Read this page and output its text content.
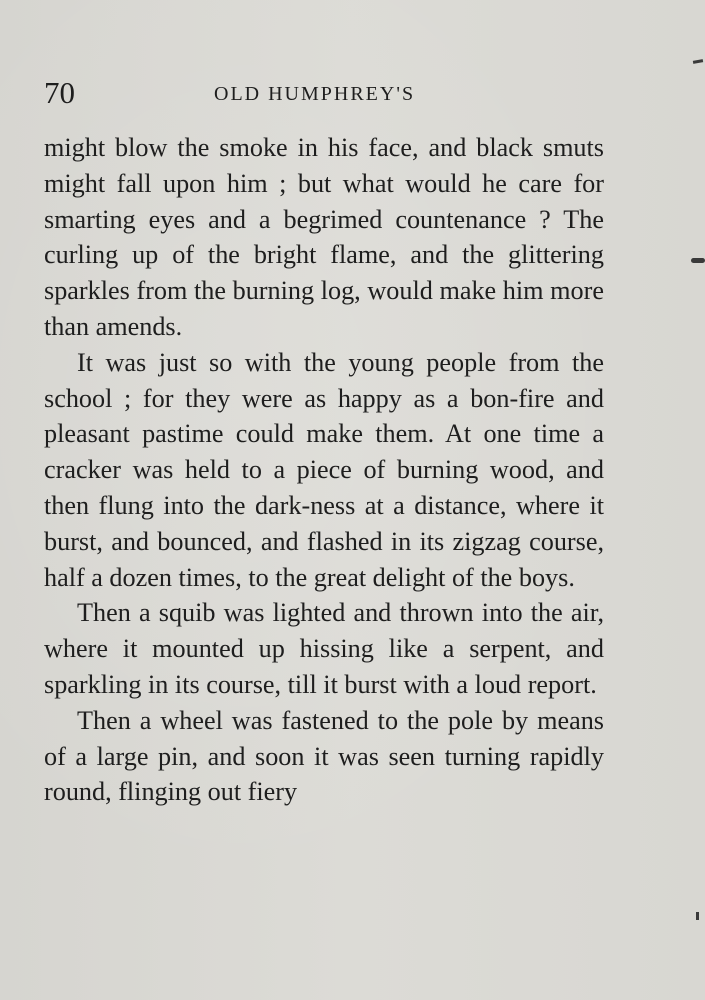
70	OLD HUMPHREY'S

might blow the smoke in his face, and black smuts might fall upon him ; but what would he care for smarting eyes and a begrimed countenance ? The curling up of the bright flame, and the glittering sparkles from the burning log, would make him more than amends.

It was just so with the young people from the school ; for they were as happy as a bon-fire and pleasant pastime could make them. At one time a cracker was held to a piece of burning wood, and then flung into the dark-ness at a distance, where it burst, and bounced, and flashed in its zigzag course, half a dozen times, to the great delight of the boys.

Then a squib was lighted and thrown into the air, where it mounted up hissing like a serpent, and sparkling in its course, till it burst with a loud report.

Then a wheel was fastened to the pole by means of a large pin, and soon it was seen turning rapidly round, flinging out fiery
